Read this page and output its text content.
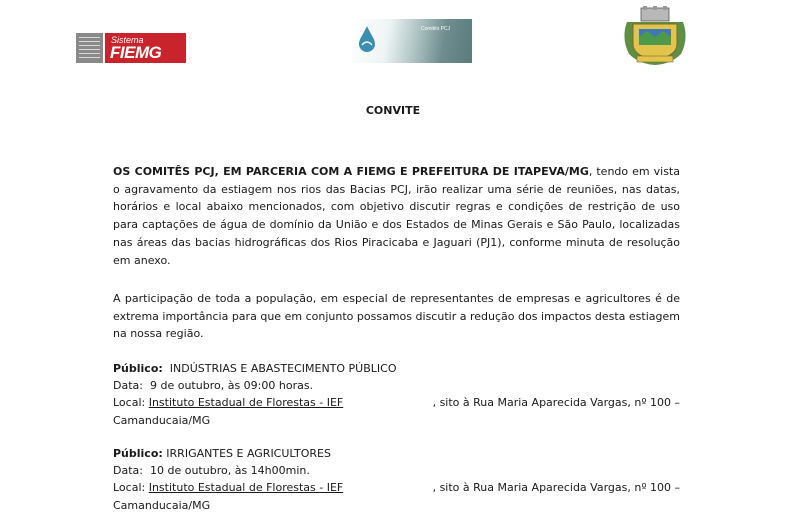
Sistema
FIEMG
Comitês PCJ
CONVITE
OS COMITÊS PCJ, EM PARCERIA COM A FIEMG E PREFEITURA DE ITAPEVA/MG, tendo em vista o agravamento da estiagem nos rios das Bacias PCJ, irão realizar uma série de reuniões, nas datas, horários e local abaixo mencionados, com objetivo discutir regras e condições de restrição de uso para captações de água de domínio da União e dos Estados de Minas Gerais e São Paulo, localizadas nas áreas das bacias hidrográficas dos Rios Piracicaba e Jaguari (PJ1), conforme minuta de resolução em anexo.
A participação de toda a população, em especial de representantes de empresas e agricultores é de extrema importância para que em conjunto possamos discutir a redução dos impactos desta estiagem na nossa região.
Público: INDÚSTRIAS E ABASTECIMENTO PÚBLICO
Data: 9 de outubro, às 09:00 horas.
Local: Instituto Estadual de Florestas - IEF	, sito à Rua Maria Aparecida Vargas, nº 100 –
Camanducaia/MG
Público: IRRIGANTES E AGRICULTORES
Data: 10 de outubro, às 14h00min.
Local: Instituto Estadual de Florestas - IEF	, sito à Rua Maria Aparecida Vargas, nº 100 –
Camanducaia/MG
